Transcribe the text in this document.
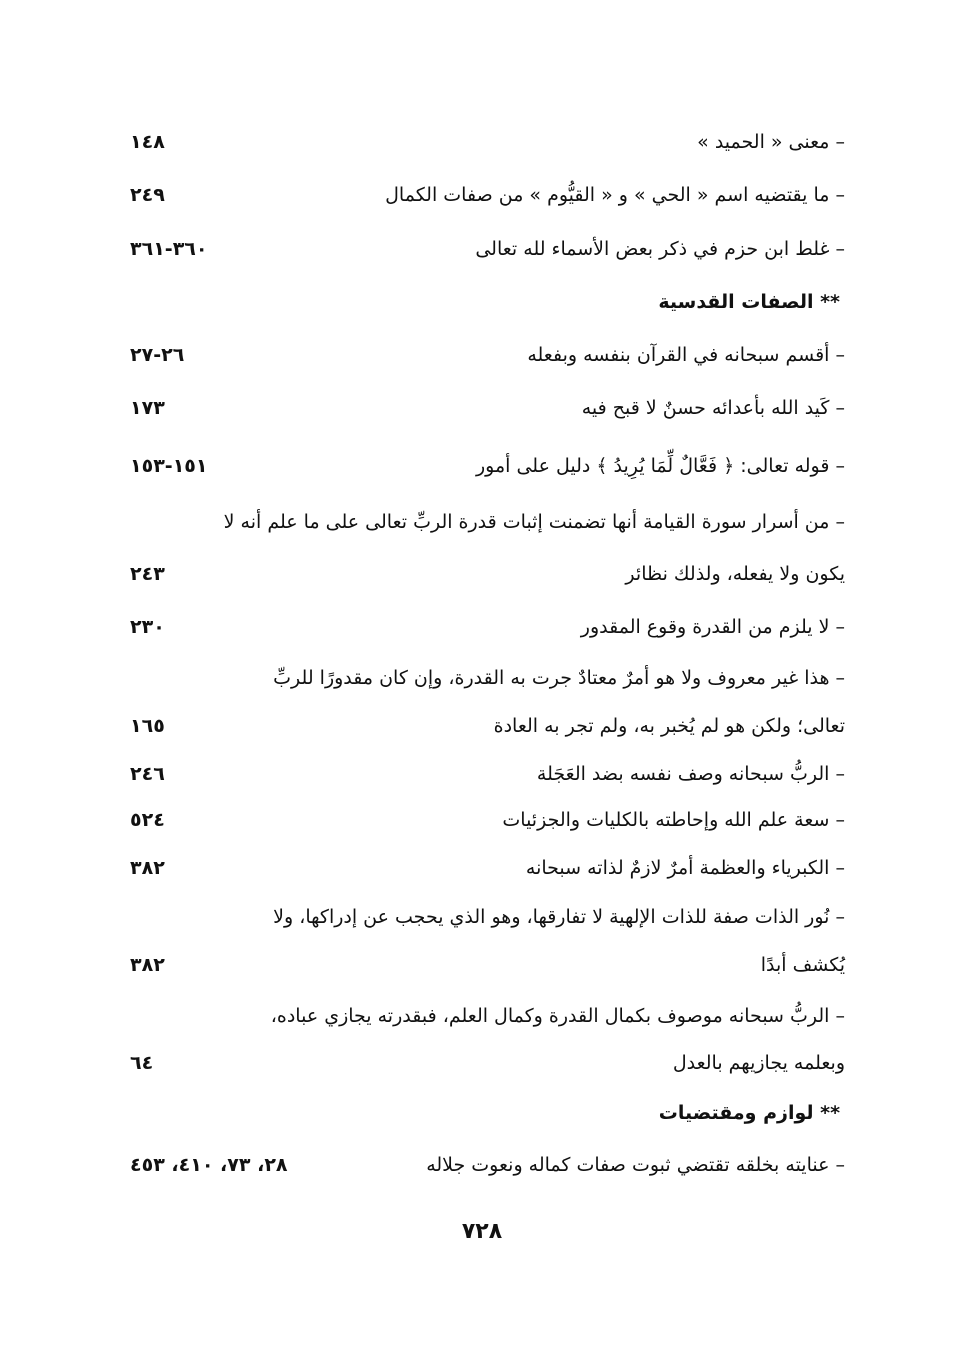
– معنى « الحميد »
١٤٨
– ما يقتضيه اسم « الحي » و « القيُّوم » من صفات الكمال
٢٤٩
– غلط ابن حزم في ذكر بعض الأسماء لله تعالى
٣٦٠-٣٦١
** الصفات القدسية
– أقسم سبحانه في القرآن بنفسه وبفعله
٢٦-٢٧
– كَيد الله بأعدائه حسنٌ لا قبح فيه
١٧٣
– قوله تعالى: ﴿ فَعَّالٌ لِّمَا يُرِيدُ ﴾ دليل على أمور
١٥١-١٥٣
– من أسرار سورة القيامة أنها تضمنت إثبات قدرة الربِّ تعالى على ما علم أنه لا
يكون ولا يفعله، ولذلك نظائر
٢٤٣
– لا يلزم من القدرة وقوع المقدور
٢٣٠
– هذا غير معروف ولا هو أمرٌ معتادٌ جرت به القدرة، وإن كان مقدورًا للربِّ
تعالى؛ ولكن هو لم يُخبر به، ولم تجر به العادة
١٦٥
– الربُّ سبحانه وصف نفسه بضد العَجَلة
٢٤٦
– سعة علم الله وإحاطته بالكليات والجزئيات
٥٢٤
– الكبرياء والعظمة أمرٌ لازمٌ لذاته سبحانه
٣٨٢
– نُور الذات صفة للذات الإلهية لا تفارقها، وهو الذي يحجب عن إدراكها، ولا
يُكشف أبدًا
٣٨٢
– الربُّ سبحانه موصوف بكمال القدرة وكمال العلم، فبقدرته يجازي عباده،
وبعلمه يجازيهم بالعدل
٦٤
** لوازم ومقتضيات
– عنايته بخلقه تقتضي ثبوت صفات كماله ونعوت جلاله
٢٨، ٧٣، ٤١٠، ٤٥٣
٧٢٨
